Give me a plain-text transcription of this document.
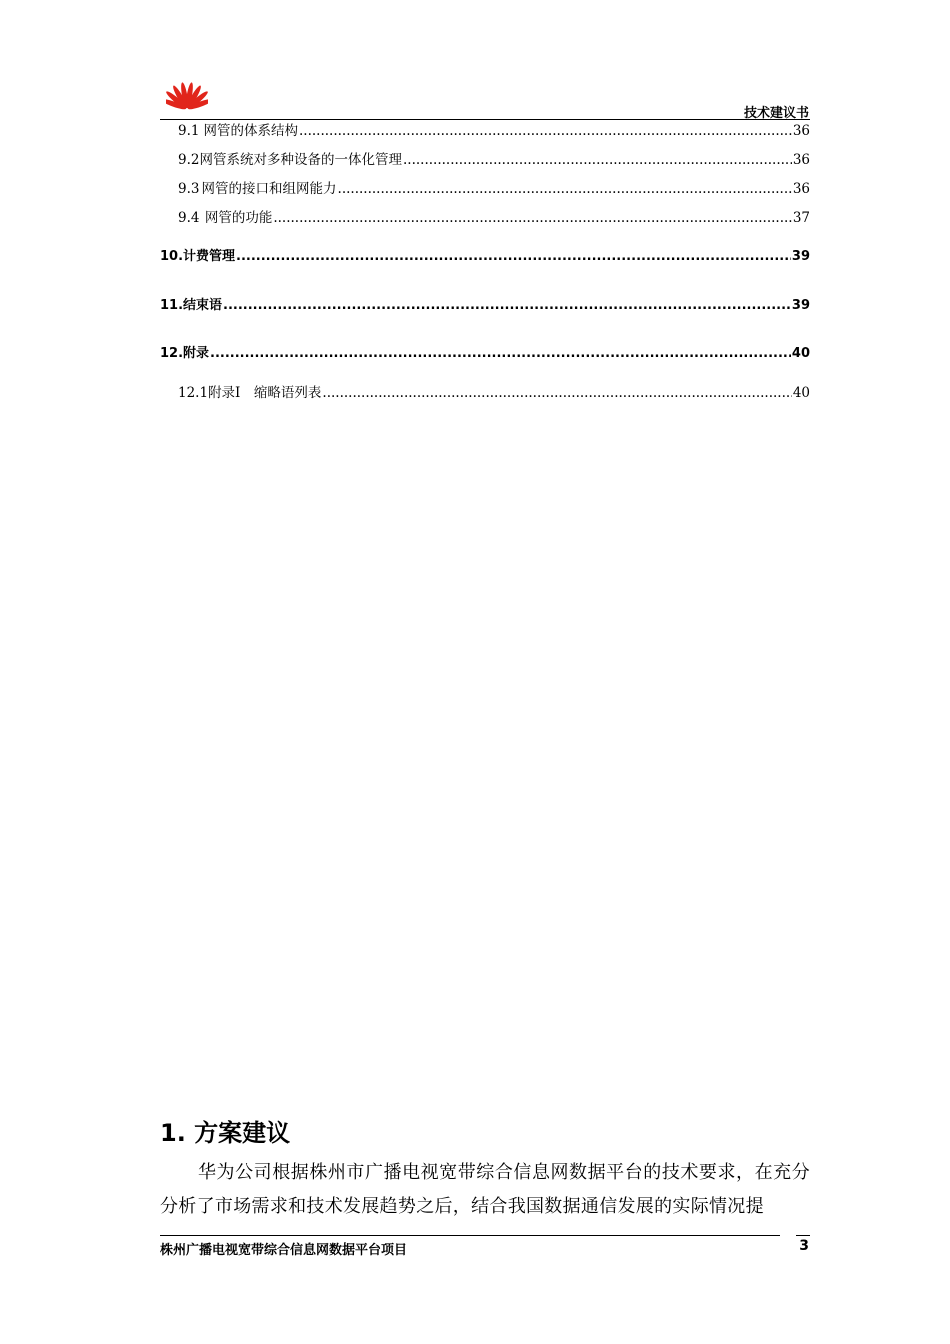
技术建议书
9.1 网管的体系结构 .....	36
9.2 网管系统对多种设备的一体化管理 .....	36
9.3 网管的接口和组网能力 .....	36
9.4 网管的功能 .....	37
10. 计费管理 .....	39
11. 结束语 .....	39
12. 附录 .....	40
12.1 附录Ⅰ　缩略语列表 .....	40
1. 方案建议
华为公司根据株州市广播电视宽带综合信息网数据平台的技术要求，在充分分析了市场需求和技术发展趋势之后，结合我国数据通信发展的实际情况提
株州广播电视宽带综合信息网数据平台项目	3
